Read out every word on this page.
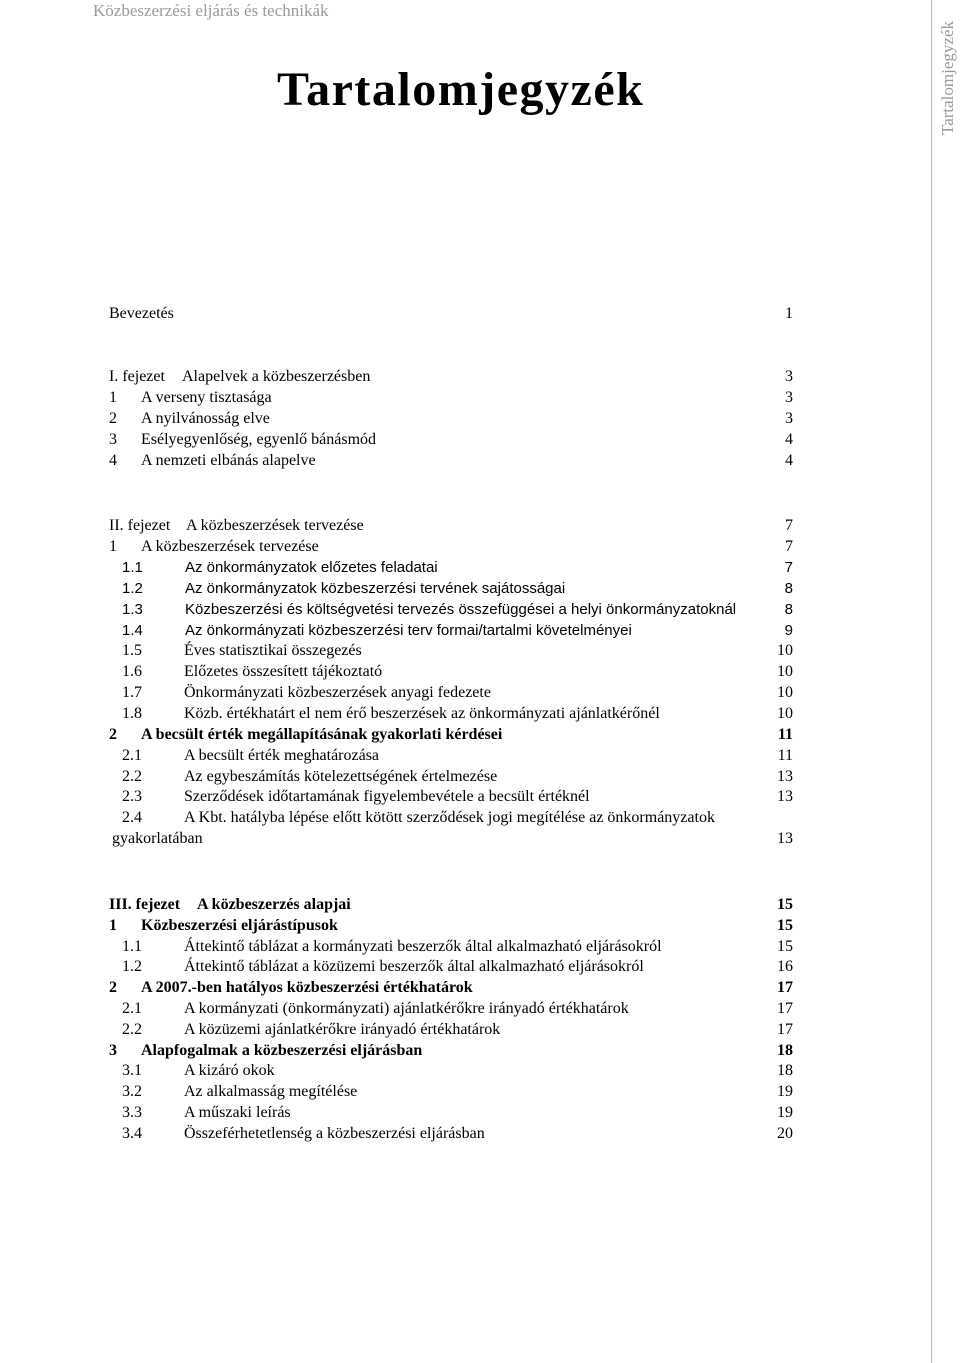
Közbeszerzési eljárás és technikák
Tartalomjegyzék
Tartalomjegyzék
Bevezetés	1
I. fejezet Alapelvek a közbeszerzésben	3
1 A verseny tisztasága	3
2 A nyilvánosság elve	3
3 Esélyegyenlőség, egyenlő bánásmód	4
4 A nemzeti elbánás alapelve	4
II. fejezet A közbeszerzések tervezése	7
1 A közbeszerzések tervezése	7
1.1	Az önkormányzatok előzetes feladatai	7
1.2	Az önkormányzatok közbeszerzési tervének sajátosságai	8
1.3	Közbeszerzési és költségvetési tervezés összefüggései a helyi önkormányzatoknál	8
1.4	Az önkormányzati közbeszerzési terv formai/tartalmi követelményei	9
1.5	Éves statisztikai összegezés	10
1.6	Előzetes összesített tájékoztató	10
1.7	Önkormányzati közbeszerzések anyagi fedezete	10
1.8	Közb. értékhatárt el nem érő beszerzések az önkormányzati ajánlatkérőnél	10
2 A becsült érték megállapításának gyakorlati kérdései	11
2.1	A becsült érték meghatározása	11
2.2	Az egybeszámítás kötelezettségének értelmezése	13
2.3	Szerződések időtartamának figyelembevétele a becsült értéknél	13
2.4	A Kbt. hatályba lépése előtt kötött szerződések jogi megítélése az önkormányzatok
gyakorlatában	13
III. fejezet A közbeszerzés alapjai	15
1 Közbeszerzési eljárástípusok	15
1.1	Áttekintő táblázat a kormányzati beszerzők által alkalmazható eljárásokról	15
1.2	Áttekintő táblázat a közüzemi beszerzők által alkalmazható eljárásokról	16
2 A 2007.-ben hatályos közbeszerzési értékhatárok	17
2.1	A kormányzati (önkormányzati) ajánlatkérőkre irányadó értékhatárok	17
2.2	A közüzemi ajánlatkérőkre irányadó értékhatárok	17
3 Alapfogalmak a közbeszerzési eljárásban	18
3.1	A kizáró okok	18
3.2	Az alkalmasság megítélése	19
3.3	A műszaki leírás	19
3.4	Összeférhetetlenség a közbeszerzési eljárásban	20
